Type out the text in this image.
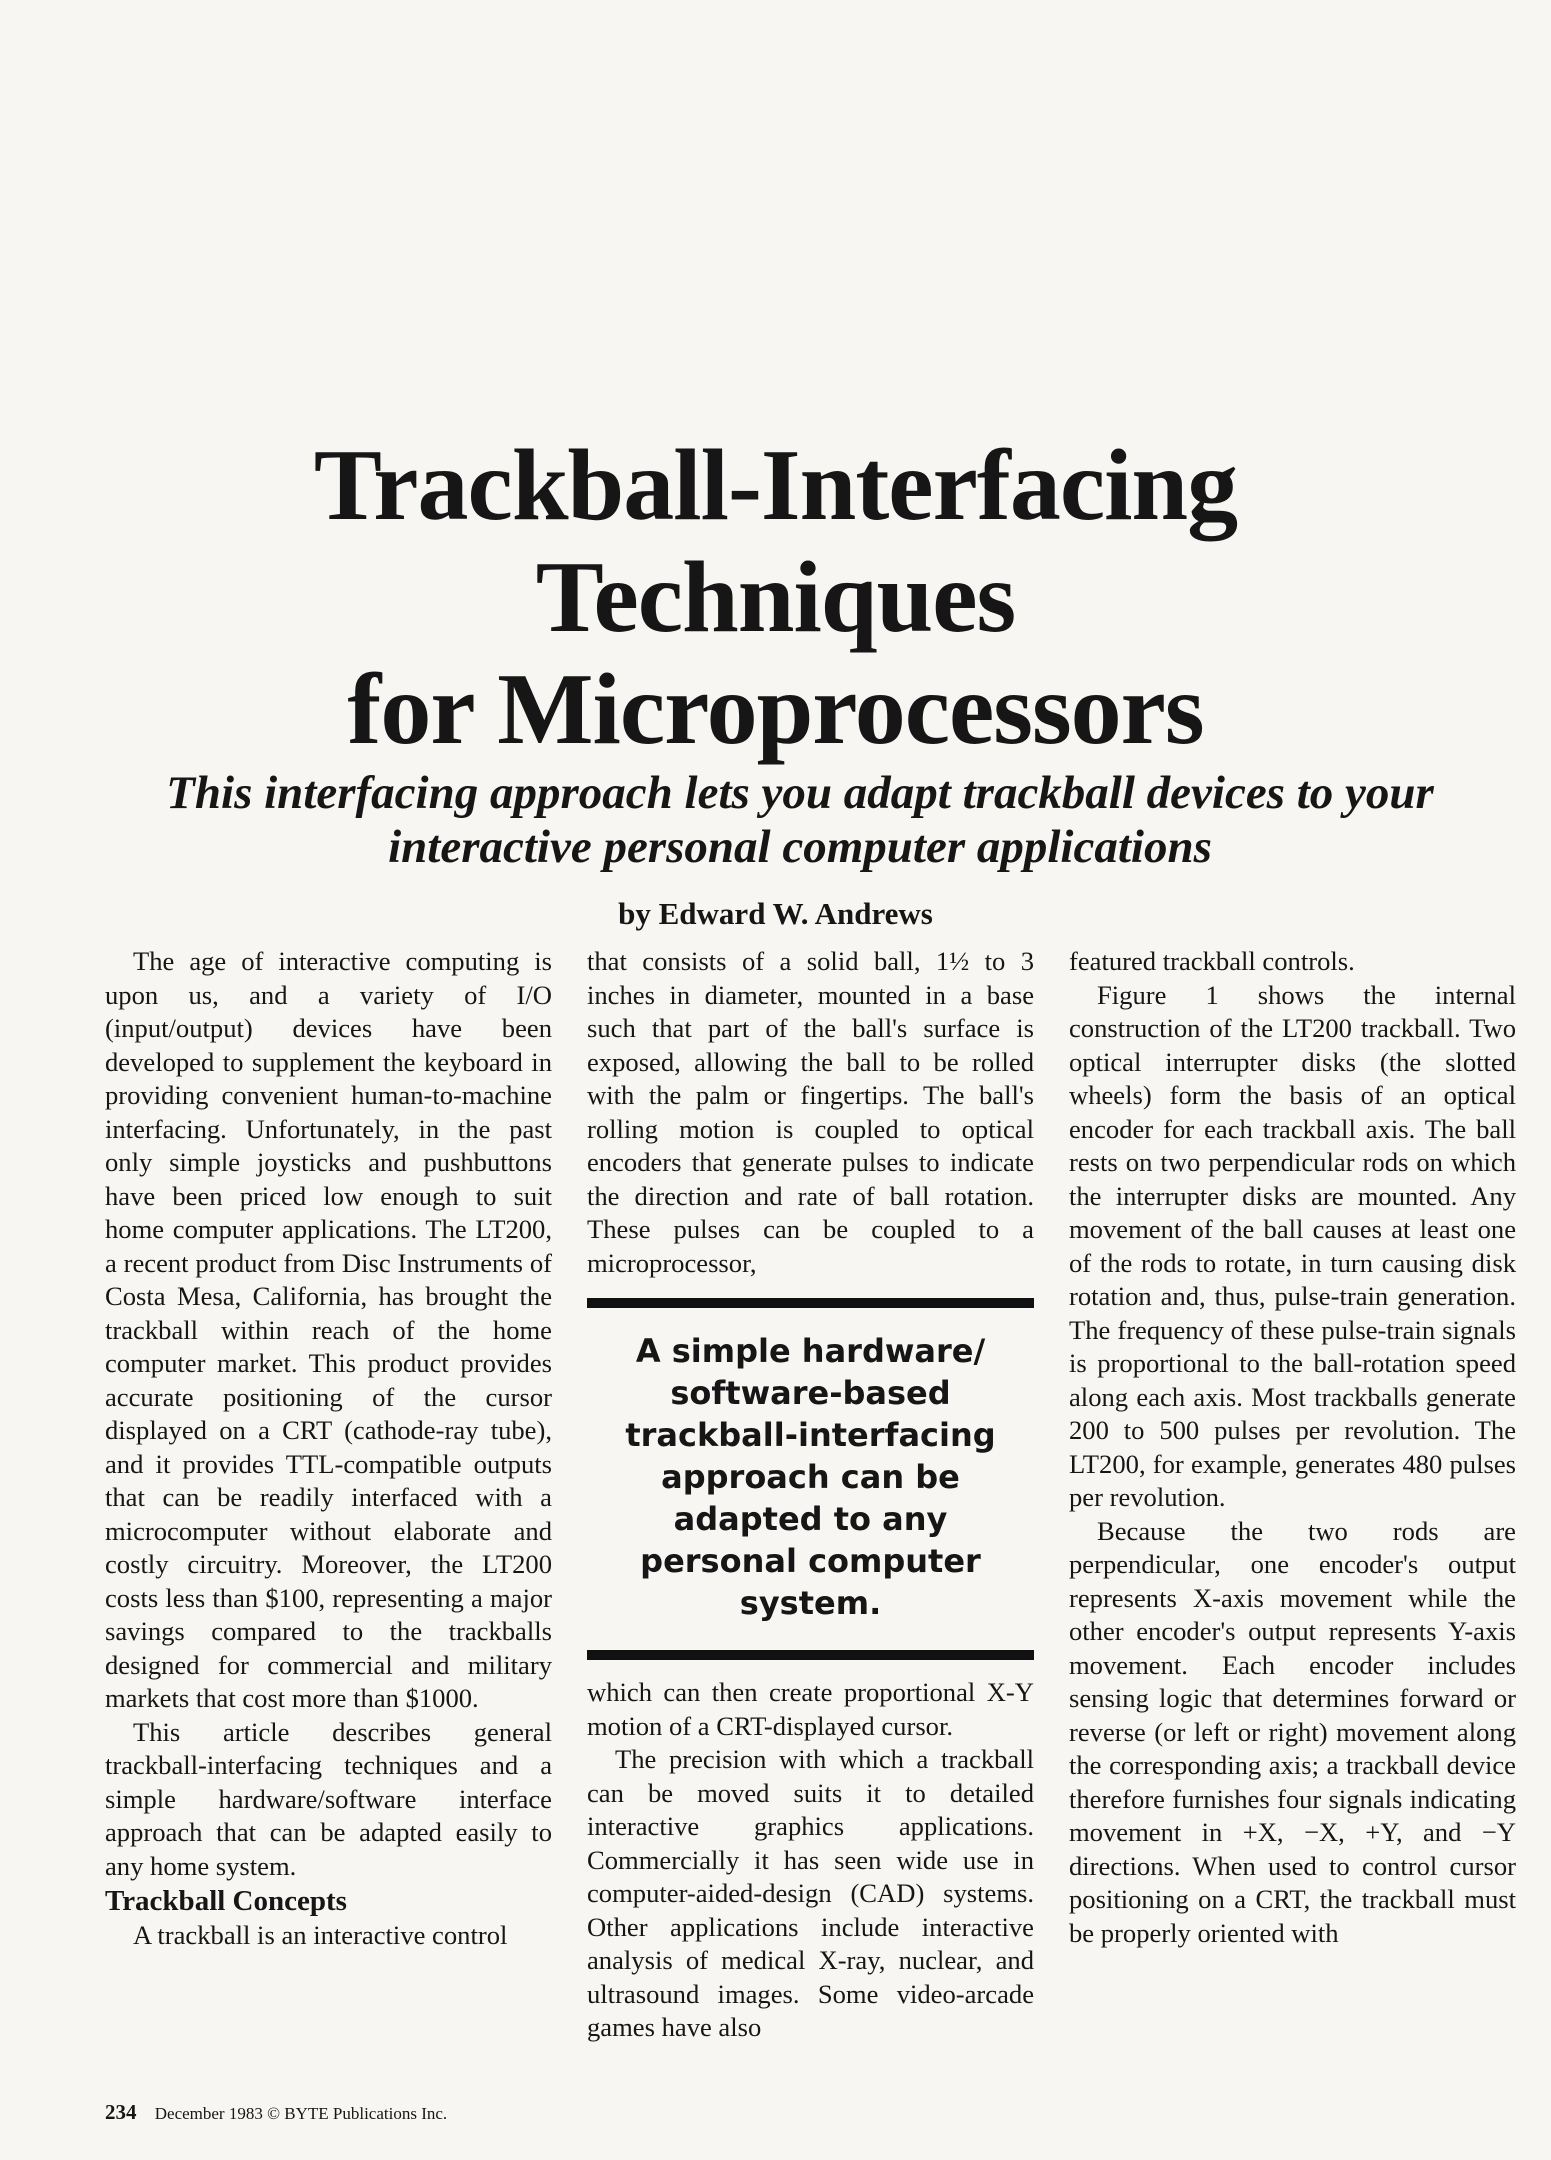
Trackball-Interfacing
Techniques
for Microprocessors
This interfacing approach lets you adapt trackball devices to your
interactive personal computer applications
by Edward W. Andrews

The age of interactive computing is upon us, and a variety of I/O (input/output) devices have been developed to supplement the keyboard in providing convenient human-to-machine interfacing. Unfortunately, in the past only simple joysticks and pushbuttons have been priced low enough to suit home computer applications. The LT200, a recent product from Disc Instruments of Costa Mesa, California, has brought the trackball within reach of the home computer market. This product provides accurate positioning of the cursor displayed on a CRT (cathode-ray tube), and it provides TTL-compatible outputs that can be readily interfaced with a microcomputer without elaborate and costly circuitry. Moreover, the LT200 costs less than $100, representing a major savings compared to the trackballs designed for commercial and military markets that cost more than $1000.

This article describes general trackball-interfacing techniques and a simple hardware/software interface approach that can be adapted easily to any home system.

Trackball Concepts

A trackball is an interactive control

that consists of a solid ball, 1½ to 3 inches in diameter, mounted in a base such that part of the ball's surface is exposed, allowing the ball to be rolled with the palm or fingertips. The ball's rolling motion is coupled to optical encoders that generate pulses to indicate the direction and rate of ball rotation. These pulses can be coupled to a microprocessor,

A simple hardware/ software-based trackball-interfacing approach can be adapted to any personal computer system.

which can then create proportional X-Y motion of a CRT-displayed cursor.

The precision with which a trackball can be moved suits it to detailed interactive graphics applications. Commercially it has seen wide use in computer-aided-design (CAD) systems. Other applications include interactive analysis of medical X-ray, nuclear, and ultrasound images. Some video-arcade games have also

featured trackball controls.

Figure 1 shows the internal construction of the LT200 trackball. Two optical interrupter disks (the slotted wheels) form the basis of an optical encoder for each trackball axis. The ball rests on two perpendicular rods on which the interrupter disks are mounted. Any movement of the ball causes at least one of the rods to rotate, in turn causing disk rotation and, thus, pulse-train generation. The frequency of these pulse-train signals is proportional to the ball-rotation speed along each axis. Most trackballs generate 200 to 500 pulses per revolution. The LT200, for example, generates 480 pulses per revolution.

Because the two rods are perpendicular, one encoder's output represents X-axis movement while the other encoder's output represents Y-axis movement. Each encoder includes sensing logic that determines forward or reverse (or left or right) movement along the corresponding axis; a trackball device therefore furnishes four signals indicating movement in +X, −X, +Y, and −Y directions. When used to control cursor positioning on a CRT, the trackball must be properly oriented with

234 December 1983 © BYTE Publications Inc.
